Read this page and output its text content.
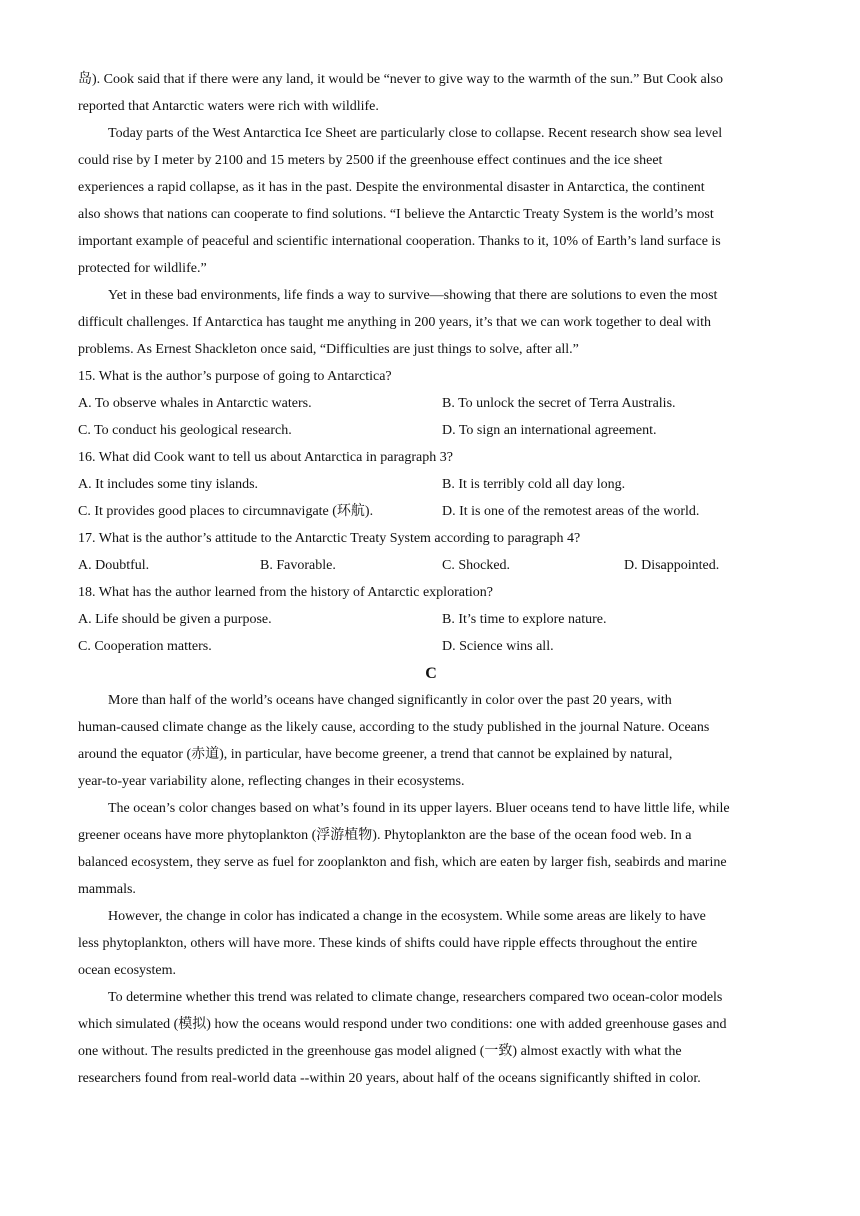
岛). Cook said that if there were any land, it would be “never to give way to the warmth of the sun.” But Cook also
reported that Antarctic waters were rich with wildlife.
Today parts of the West Antarctica Ice Sheet are particularly close to collapse. Recent research show sea level
could rise by I meter by 2100 and 15 meters by 2500 if the greenhouse effect continues and the ice sheet
experiences a rapid collapse, as it has in the past. Despite the environmental disaster in Antarctica, the continent
also shows that nations can cooperate to find solutions. “I believe the Antarctic Treaty System is the world’s most
important example of peaceful and scientific international cooperation. Thanks to it, 10% of Earth’s land surface is
protected for wildlife.”
Yet in these bad environments, life finds a way to survive—showing that there are solutions to even the most
difficult challenges. If Antarctica has taught me anything in 200 years, it’s that we can work together to deal with
problems. As Ernest Shackleton once said, “Difficulties are just things to solve, after all.”
15. What is the author’s purpose of going to Antarctica?
A. To observe whales in Antarctic waters.	B. To unlock the secret of Terra Australis.
C. To conduct his geological research.	D. To sign an international agreement.
16. What did Cook want to tell us about Antarctica in paragraph 3?
A. It includes some tiny islands.	B. It is terribly cold all day long.
C. It provides good places to circumnavigate (环航).	D. It is one of the remotest areas of the world.
17. What is the author’s attitude to the Antarctic Treaty System according to paragraph 4?
A. Doubtful.	B. Favorable.	C. Shocked.	D. Disappointed.
18. What has the author learned from the history of Antarctic exploration?
A. Life should be given a purpose.	B. It’s time to explore nature.
C. Cooperation matters.	D. Science wins all.
C
More than half of the world’s oceans have changed significantly in color over the past 20 years, with
human-caused climate change as the likely cause, according to the study published in the journal Nature. Oceans
around the equator (赤道), in particular, have become greener, a trend that cannot be explained by natural,
year-to-year variability alone, reflecting changes in their ecosystems.
The ocean’s color changes based on what’s found in its upper layers. Bluer oceans tend to have little life, while
greener oceans have more phytoplankton (浮游植物). Phytoplankton are the base of the ocean food web. In a
balanced ecosystem, they serve as fuel for zooplankton and fish, which are eaten by larger fish, seabirds and marine
mammals.
However, the change in color has indicated a change in the ecosystem. While some areas are likely to have
less phytoplankton, others will have more. These kinds of shifts could have ripple effects throughout the entire
ocean ecosystem.
To determine whether this trend was related to climate change, researchers compared two ocean-color models
which simulated (模拟) how the oceans would respond under two conditions: one with added greenhouse gases and
one without. The results predicted in the greenhouse gas model aligned (一致) almost exactly with what the
researchers found from real-world data --within 20 years, about half of the oceans significantly shifted in color.
